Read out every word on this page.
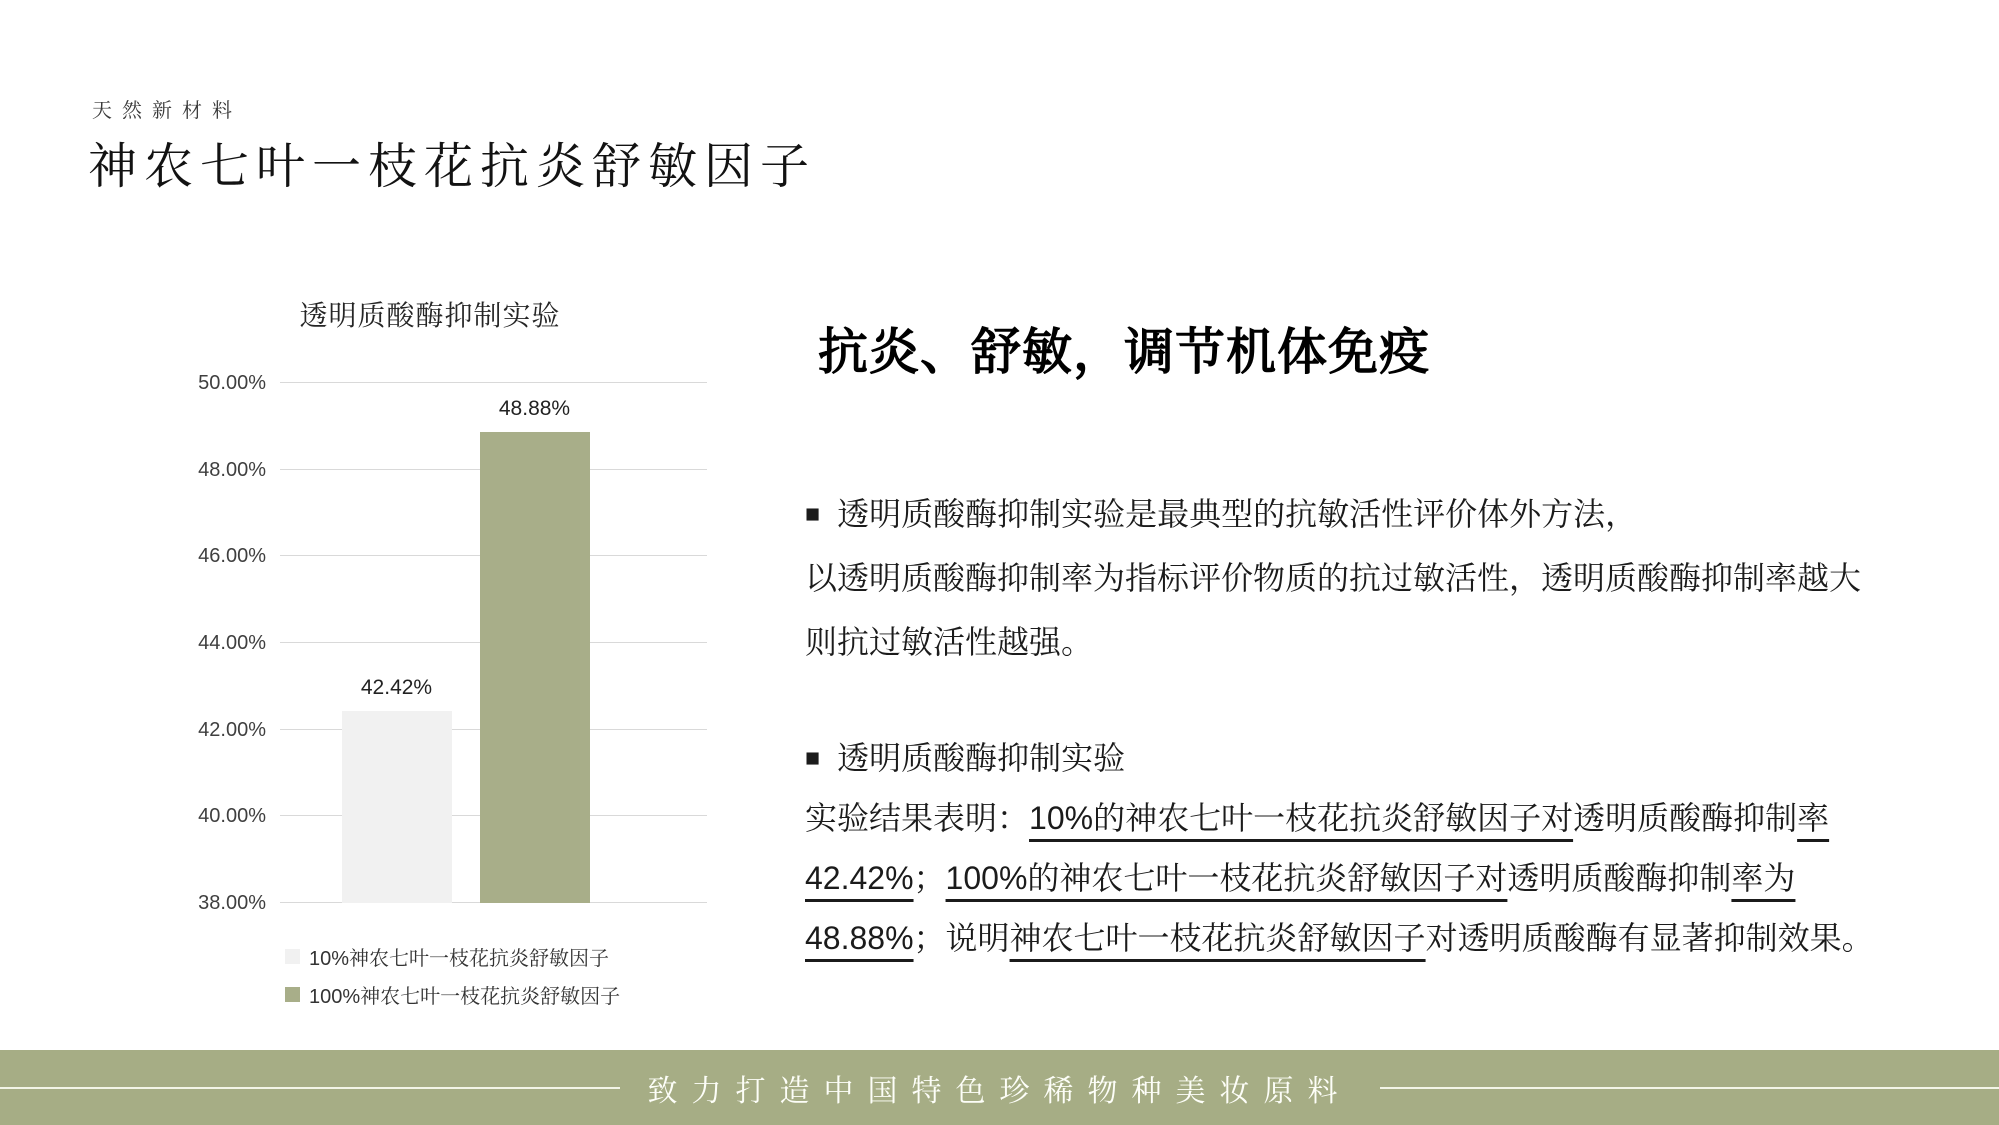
天然新材料
神农七叶一枝花抗炎舒敏因子
透明质酸酶抑制实验
38.00%
40.00%
42.00%
44.00%
46.00%
48.00%
50.00%
42.42%
48.88%
10%神农七叶一枝花抗炎舒敏因子
100%神农七叶一枝花抗炎舒敏因子
抗炎、舒敏，调节机体免疫
■ 透明质酸酶抑制实验是最典型的抗敏活性评价体外方法，
以透明质酸酶抑制率为指标评价物质的抗过敏活性，透明质酸酶抑制率越大
则抗过敏活性越强。
■ 透明质酸酶抑制实验
实验结果表明：10%的神农七叶一枝花抗炎舒敏因子对透明质酸酶抑制率
42.42%；100%的神农七叶一枝花抗炎舒敏因子对透明质酸酶抑制率为
48.88%；说明神农七叶一枝花抗炎舒敏因子对透明质酸酶有显著抑制效果。
致力打造中国特色珍稀物种美妆原料
